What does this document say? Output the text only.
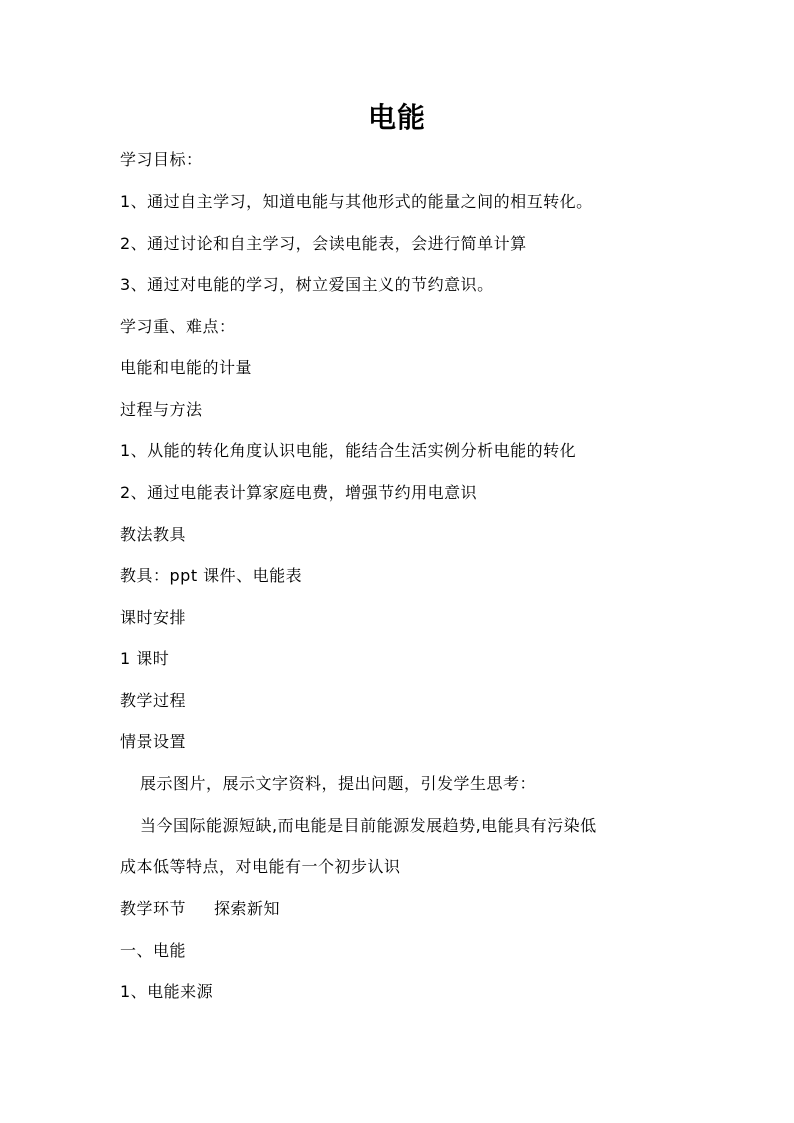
电能
学习目标：
1、通过自主学习，知道电能与其他形式的能量之间的相互转化。
2、通过讨论和自主学习，会读电能表，会进行简单计算
3、通过对电能的学习，树立爱国主义的节约意识。
学习重、难点：
电能和电能的计量
过程与方法
1、从能的转化角度认识电能，能结合生活实例分析电能的转化
2、通过电能表计算家庭电费，增强节约用电意识
教法教具
教具：ppt 课件、电能表
课时安排
1 课时
教学过程
情景设置
展示图片，展示文字资料，提出问题，引发学生思考：
当今国际能源短缺,而电能是目前能源发展趋势,电能具有污染低
成本低等特点，对电能有一个初步认识
教学环节 探索新知
一、电能
1、电能来源
